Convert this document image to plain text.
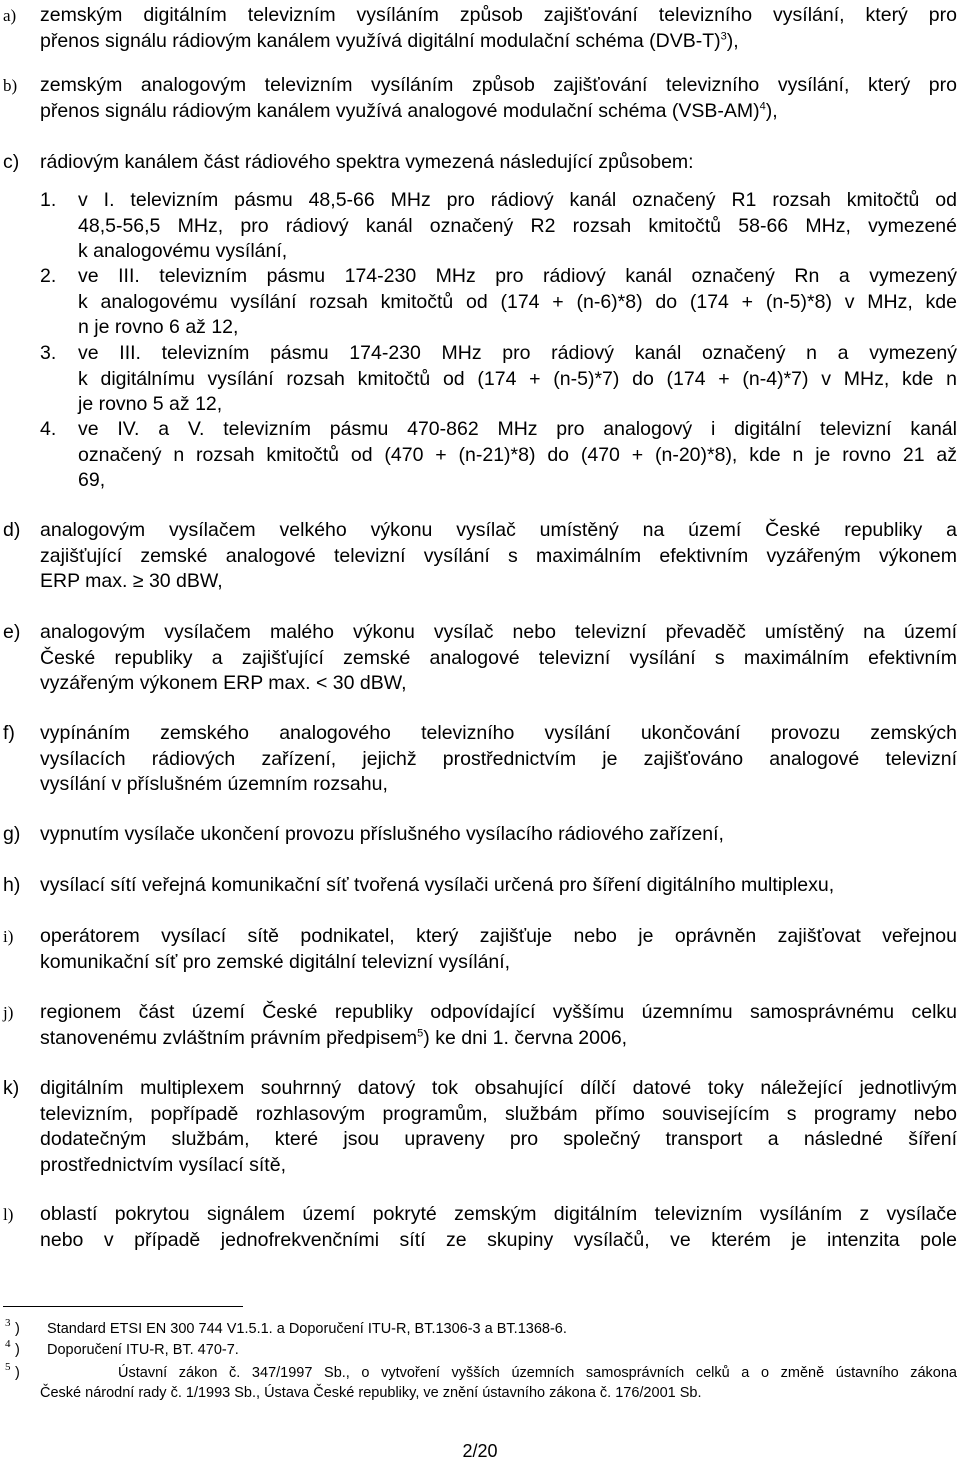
a) zemským digitálním televizním vysíláním způsob zajišťování televizního vysílání, který pro
přenos signálu rádiovým kanálem využívá digitální modulační schéma $(DVB-T)^3$),
b) zemským analogovým televizním vysíláním způsob zajišťování televizního vysílání, který pro
přenos signálu rádiovým kanálem využívá analogové modulační schéma $(VSB-AM)^4$),
c) rádiovým kanálem část rádiového spektra vymezená následující způsobem:
1.	v I. televizním pásmu 48,5-66 MHz pro rádiový kanál označený R1 rozsah kmitočtů od
48,5-56,5 MHz, pro rádiový kanál označený R2 rozsah kmitočtů 58-66 MHz, vymezené
k analogovému vysílání,
2.	ve III. televizním pásmu 174-230 MHz pro rádiový kanál označený Rn a vymezený
k analogovému vysílání rozsah kmitočtů od (174 + (n-6)*8) do (174 + (n-5)*8) v MHz, kde
n je rovno 6 až 12,
3.	ve III. televizním pásmu 174-230 MHz pro rádiový kanál označený n a vymezený
k digitálnímu vysílání rozsah kmitočtů od (174 + (n-5)*7) do (174 + (n-4)*7) v MHz, kde n
je rovno 5 až 12,
4.	ve IV. a V. televizním pásmu 470-862 MHz pro analogový i digitální televizní kanál
označený n rozsah kmitočtů od (470 + (n-21)*8) do (470 + (n-20)*8), kde n je rovno 21 až
69,
d) analogovým vysílačem velkého výkonu vysílač umístěný na území České republiky a
zajišťující zemské analogové televizní vysílání s maximálním efektivním vyzářeným výkonem
ERP max. ≥ 30 dBW,
e) analogovým vysílačem malého výkonu vysílač nebo televizní převaděč umístěný na území
České republiky a zajišťující zemské analogové televizní vysílání s maximálním efektivním
vyzářeným výkonem ERP max. < 30 dBW,
f) vypínáním zemského analogového televizního vysílání ukončování provozu zemských
vysílacích rádiových zařízení, jejichž prostřednictvím je zajišťováno analogové televizní
vysílání v příslušném územním rozsahu,
g) vypnutím vysílače ukončení provozu příslušného vysílacího rádiového zařízení,
h) vysílací sítí veřejná komunikační síť tvořená vysílači určená pro šíření digitálního multiplexu,
i) operátorem vysílací sítě podnikatel, který zajišťuje nebo je oprávněn zajišťovat veřejnou
komunikační síť pro zemské digitální televizní vysílání,
j) regionem část území České republiky odpovídající vyššímu územnímu samosprávnému celku
stanovenému zvláštním právním předpisem$^5$) ke dni 1. června 2006,
k) digitálním multiplexem souhrnný datový tok obsahující dílčí datové toky náležející jednotlivým
televizním, popřípadě rozhlasovým programům, službám přímo souvisejícím s programy nebo
dodatečným službám, které jsou upraveny pro společný transport a následné šíření
prostřednictvím vysílací sítě,
l) oblastí pokrytou signálem území pokryté zemským digitálním televizním vysíláním z vysílače
nebo v případě jednofrekvenčními sítí ze skupiny vysílačů, ve kterém je intenzita pole
3 ) Standard ETSI EN 300 744 V1.5.1. a Doporučení ITU-R, BT.1306-3 a BT.1368-6.
4 ) Doporučení ITU-R, BT. 470-7.
5 )	Ústavní zákon č. 347/1997 Sb., o vytvoření vyšších územních samosprávních celků a o změně ústavního zákona
České národní rady č. 1/1993 Sb., Ústava České republiky, ve znění ústavního zákona č. 176/2001 Sb.
2/20
